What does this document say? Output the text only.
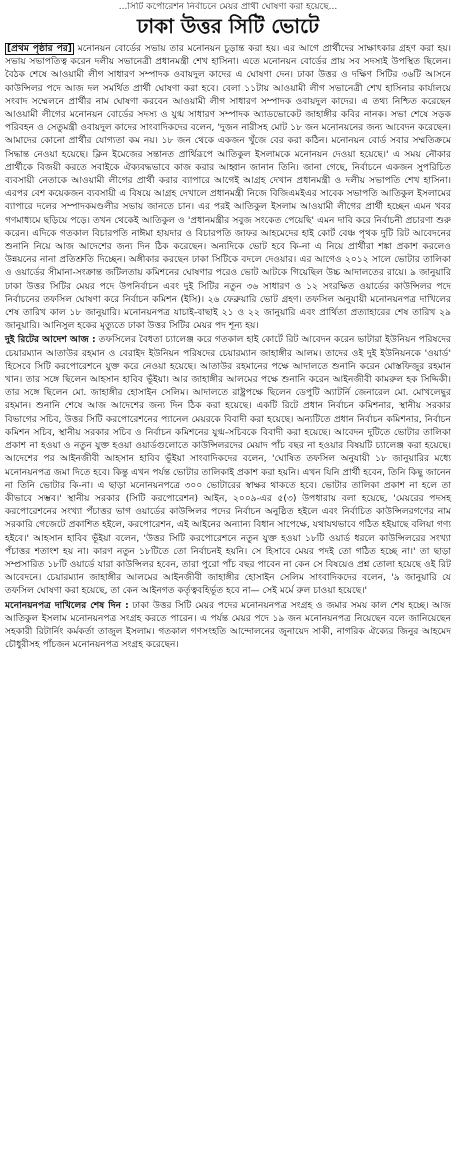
...সিটি কর্পোরেশন নির্বাচনে মেয়র প্রার্থী ঘোষণা করা হয়েছে...
ঢাকা উত্তর সিটি ভোটে

[প্রথম পৃষ্ঠার পর] মনোনয়ন বোর্ডের সভায় তার মনোনয়ন চূড়ান্ত করা হয়। এর আগে প্রার্থীদের সাক্ষাৎকার গ্রহণ করা হয়। সভায় সভাপতিত্ব করেন দলীয় সভানেত্রী প্রধানমন্ত্রী শেখ হাসিনা। এতে মনোনয়ন বোর্ডের প্রায় সব সদস্যই উপস্থিত ছিলেন। বৈঠক শেষে আওয়ামী লীগ সাধারণ সম্পাদক ওবায়দুল কাদের এ ঘোষণা দেন। ঢাকা উত্তর ও দক্ষিণ সিটির ৩৬টি আসনে কাউন্সিলর পদে আজ দল সমর্থিত প্রার্থী ঘোষণা করা হবে। বেলা ১১টায় আওয়ামী লীগ সভানেত্রী শেখ হাসিনার কার্যালয়ে সংবাদ সম্মেলনে প্রার্থীর নাম ঘোষণা করবেন আওয়ামী লীগ সাধারণ সম্পাদক ওবায়দুল কাদের। এ তথ্য নিশ্চিত করেছেন আওয়ামী লীগের মনোনয়ন বোর্ডের সদস্য ও যুগ্ম সাধারণ সম্পাদক অ্যাডভোকেট জাহাঙ্গীর কবির নানক। সভা শেষে সড়ক পরিবহন ও সেতুমন্ত্রী ওবায়দুল কাদের সাংবাদিকদের বলেন, 'দুজন নারীসহ মোট ১৮ জন মনোনয়নের জন্য আবেদন করেছেন। আমাদের কোনো প্রার্থীর যোগ্যতা কম নয়। ১৮ জন থেকে একজন খুঁজে বের করা কঠিন। মনোনয়ন বোর্ড সবার সম্মতিক্রমে সিদ্ধান্ত নেওয়া হয়েছে। ক্লিন ইমেজের সন্তানত প্রার্থিরূপে আতিকুল ইসলামকে মনোনয়ন দেওয়া হয়েছে।' এ সময় নৌকার প্রার্থীকে বিজয়ী করতে সবাইকে ঐক্যবদ্ধভাবে কাজ করার আহ্বান জানান তিনি। জানা গেছে, নির্বাচনে একজন সুপরিচিত ব্যবসায়ী নেতাকে আওয়ামী লীগের প্রার্থী করার ব্যাপারে আগেই আগ্রহ দেখান প্রধানমন্ত্রী ও দলীয় সভাপতি শেখ হাসিনা। এরপর বেশ কয়েকজন ব্যবসায়ী এ বিষয়ে আগ্রহ দেখালে প্রধানমন্ত্রী নিজে বিজিএমইএর সাবেক সভাপতি আতিকুল ইসলামের ব্যাপারে দলের সম্পাদকমণ্ডলীর সভায় জানতে চান। এর পরই আতিকুল ইসলাম আওয়ামী লীগের প্রার্থী হচ্ছেন এমন খবর গণমাধ্যমে ছড়িয়ে পড়ে। তখন থেকেই আতিকুল ও 'প্রধানমন্ত্রীর সবুজ সংকেত পেয়েছি' এমন দাবি করে নির্বাচনী প্রচারণা শুরু করেন। এদিকে গতকাল বিচারপতি নাঈমা হায়দার ও বিচারপতি জাফর আহমেদের হাই কোর্ট বেঞ্চ পৃথক দুটি রিট আবেদনের শুনানি নিয়ে আজ আদেশের জন্য দিন ঠিক করেছেন। অন্যদিকে ভোট হবে কি-না এ নিয়ে প্রার্থীরা শঙ্কা প্রকাশ করলেও উন্নয়নের নানা প্রতিশ্রুতি দিচ্ছেন। অঙ্গীকার করছেন ঢাকা সিটিকে বদলে দেওয়ার। এর আগেও ২০১২ সালে ভোটার তালিকা ও ওয়ার্ডের সীমানা-সংক্রান্ত জটিলতায় কমিশনের ঘোষণার পরেও ভোট আটকে গিয়েছিল উচ্চ আদালতের রায়ে। ৯ জানুয়ারি ঢাকা উত্তর সিটির মেয়র পদে উপনির্বাচন এবং দুই সিটির নতুন ৩৬ সাধারণ ও ১২ সংরক্ষিত ওয়ার্ডের কাউন্সিলর পদে নির্বাচনের তফসিল ঘোষণা করে নির্বাচন কমিশন (ইসি)। ২৬ ফেব্রুয়ারি ভোট গ্রহণ। তফসিল অনুযায়ী মনোনয়নপত্র দাখিলের শেষ তারিখ কাল ১৮ জানুয়ারি। মনোনয়নপত্র যাচাই-বাছাই ২১ ও ২২ জানুয়ারি এবং প্রার্থিতা প্রত্যাহারের শেষ তারিখ ২৯ জানুয়ারি। আনিসুল হকের মৃত্যুতে ঢাকা উত্তর সিটির মেয়র পদ শূন্য হয়।

দুই রিটের আদেশ আজ : তফসিলের বৈধতা চ্যালেঞ্জ করে গতকাল হাই কোর্টে রিট আবেদন করেন ভাটারা ইউনিয়ন পরিষদের চেয়ারম্যান আতাউর রহমান ও বেরাইদ ইউনিয়ন পরিষদের চেয়ারম্যান জাহাঙ্গীর আলম। তাদের ওই দুই ইউনিয়নকে 'ওয়ার্ড' হিসেবে সিটি করপোরেশনে যুক্ত করে নেওয়া হয়েছে। আতাউর রহমানের পক্ষে আদালতে শুনানি করেন মোস্তফিজুর রহমান খান। তার সঙ্গে ছিলেন আহসান হাবিব ভূঁইয়া। আর জাহাঙ্গীর আলমের পক্ষে শুনানি করেন আইনজীবী কামরুল হক সিদ্দিকী। তার সঙ্গে ছিলেন মো. জাহাঙ্গীর হোসাইন সেলিম। আদালতে রাষ্ট্রপক্ষে ছিলেন ডেপুটি অ্যাটর্নি জেনারেল মো. মোখলেছুর রহমান। শুনানি শেষে আজ আদেশের জন্য দিন ঠিক করা হয়েছে। একটি রিটে প্রধান নির্বাচন কমিশনার, স্থানীয় সরকার বিভাগের সচিব, উত্তর সিটি করপোরেশনের প্যানেল মেয়রকে বিবাদী করা হয়েছে। অন্যটিতে প্রধান নির্বাচন কমিশনার, নির্বাচন কমিশন সচিব, স্থানীয় সরকার সচিব ও নির্বাচন কমিশনের যুগ্ম-সচিবকে বিবাদী করা হয়েছে। আবেদন দুটিতে ভোটার তালিকা প্রকাশ না হওয়া ও নতুন যুক্ত হওয়া ওয়ার্ডগুলোতে কাউন্সিলরদের মেয়াদ পাঁচ বছর না হওয়ার বিষয়টি চ্যালেঞ্জ করা হয়েছে। আদেশের পর আইনজীবী আহসান হাবিব ভূঁইয়া সাংবাদিকদের বলেন, 'ঘোষিত তফসিল অনুযায়ী ১৮ জানুয়ারির মধ্যে মনোনয়নপত্র জমা দিতে হবে। কিন্তু এখন পর্যন্ত ভোটার তালিকাই প্রকাশ করা হয়নি। এখন যিনি প্রার্থী হবেন, তিনি কিছু জানেন না তিনি ভোটার কি-না। এ ছাড়া মনোনয়নপত্রে ৩০০ ভোটারের স্বাক্ষর থাকতে হবে। ভোটার তালিকা প্রকাশ না হলে তা কীভাবে সম্ভব।' স্থানীয় সরকার (সিটি করপোরেশন) আইন, ২০০৯-এর ৫(৩) উপধারায় বলা হয়েছে, 'মেয়রের পদসহ করপোরেশনের সংখ্যা পঁচাত্তর ভাগ ওয়ার্ডের কাউন্সিলর পদের নির্বাচন অনুষ্ঠিত হইলে এবং নির্বাচিত কাউন্সিলরগণের নাম সরকারি গেজেটে প্রকাশিত হইলে, করপোরেশন, এই আইনের অন্যান্য বিধান সাপেক্ষে, যথাযথভাবে গঠিত হইয়াছে বলিয়া গণ্য হইবে।' আহসান হাবিব ভূঁইয়া বলেন, 'উত্তর সিটি করপোরেশনে নতুন যুক্ত হওয়া ১৮টি ওয়ার্ড ধরলে কাউন্সিলরের সংখ্যা পঁচাত্তর শতাংশ হয় না। কারণ নতুন ১৮টিতে তো নির্বাচনই হয়নি। সে হিসাবে মেয়র পদই তো গঠিত হচ্ছে না।' তা ছাড়া সম্প্রসারিত ১৮টি ওয়ার্ডে যারা কাউন্সিলর হবেন, তারা পুরো পাঁচ বছর পাবেন না কেন সে বিষয়েও প্রশ্ন তোলা হয়েছে ওই রিট আবেদনে। চেয়ারম্যান জাহাঙ্গীর আলমের আইনজীবী জাহাঙ্গীর হোসাইন সেলিম সাংবাদিকদের বলেন, '৯ জানুয়ারি যে তফসিল ঘোষণা করা হয়েছে, তা কেন আইনগত কর্তৃত্ববহির্ভূত হবে না— সেই মর্মে রুল চাওয়া হয়েছে।'

মনোনয়নপত্র দাখিলের শেষ দিন : ঢাকা উত্তর সিটি মেয়র পদের মনোনয়নপত্র সংগ্রহ ও জমার সময় কাল শেষ হচ্ছে। আজ আতিকুল ইসলাম মনোনয়নপত্র সংগ্রহ করতে পারেন। এ পর্যন্ত মেয়র পদে ১৯ জন মনোনয়নপত্র নিয়েছেন বলে জানিয়েছেন সহকারী রিটার্নিং কর্মকর্তা তাজুল ইসলাম। গতকাল গণসংহতি আন্দোলনের জুনায়েদ সাকী, নাগরিক ঐক্যের জিনুর আহমেদ চৌধুরীসহ পাঁচজন মনোনয়নপত্র সংগ্রহ করেছেন।
